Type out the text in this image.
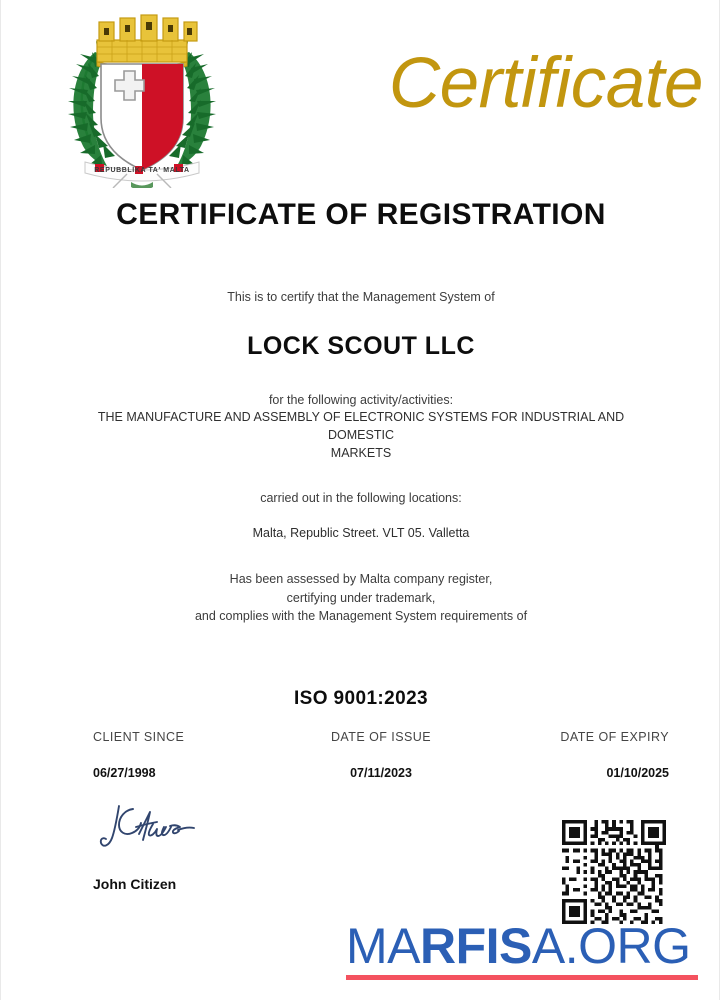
REPUBBLIKA TA' MALTA
Certificate
CERTIFICATE OF REGISTRATION
This is to certify that the Management System of
LOCK SCOUT LLC
for the following activity/activities:
THE MANUFACTURE AND ASSEMBLY OF ELECTRONIC SYSTEMS FOR INDUSTRIAL AND
DOMESTIC
MARKETS
carried out in the following locations:
Malta, Republic Street. VLT 05. Valletta
Has been assessed by Malta company register,
certifying under trademark,
and complies with the Management System requirements of
ISO 9001:2023
CLIENT SINCE
06/27/1998
DATE OF ISSUE
07/11/2023
DATE OF EXPIRY
01/10/2025
John Citizen
MARFISA.ORG
